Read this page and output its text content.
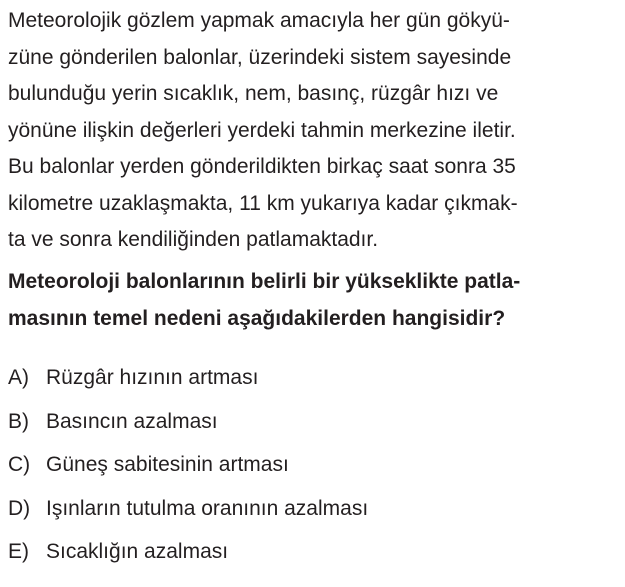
Meteorolojik gözlem yapmak amacıyla her gün gökyü-
züne gönderilen balonlar, üzerindeki sistem sayesinde
bulunduğu yerin sıcaklık, nem, basınç, rüzgâr hızı ve
yönüne ilişkin değerleri yerdeki tahmin merkezine iletir.
Bu balonlar yerden gönderildikten birkaç saat sonra 35
kilometre uzaklaşmakta, 11 km yukarıya kadar çıkmak-
ta ve sonra kendiliğinden patlamaktadır.
Meteoroloji balonlarının belirli bir yükseklikte patla-
masının temel nedeni aşağıdakilerden hangisidir?
A) Rüzgâr hızının artması
B) Basıncın azalması
C) Güneş sabitesinin artması
D) Işınların tutulma oranının azalması
E) Sıcaklığın azalması
